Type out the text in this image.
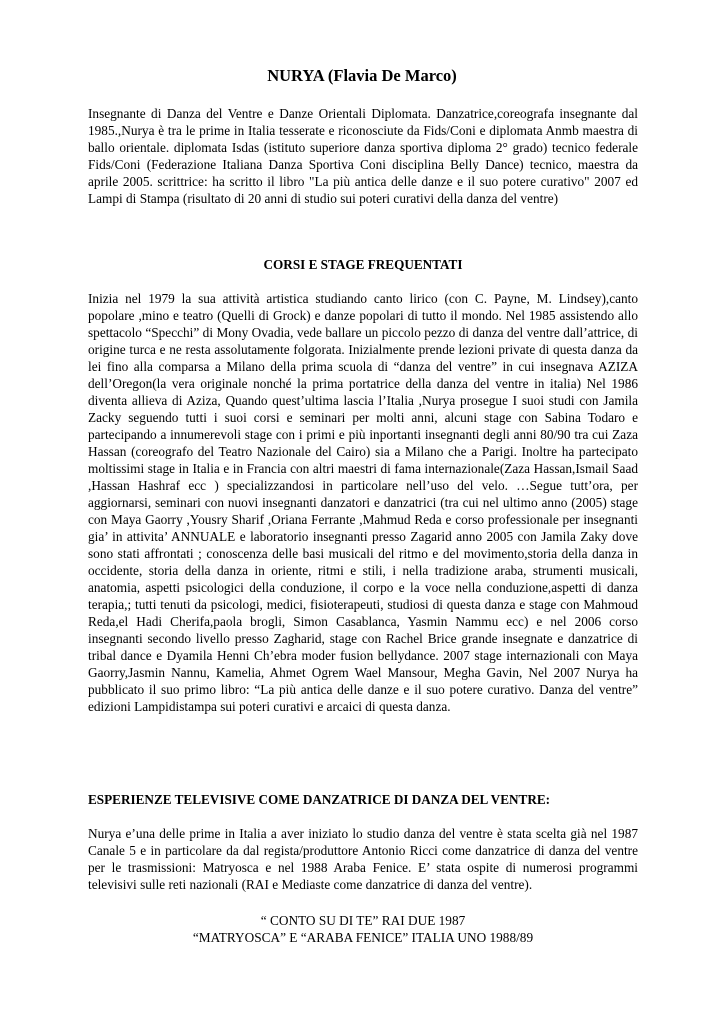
NURYA (Flavia De Marco)

Insegnante di Danza del Ventre e Danze Orientali Diplomata. Danzatrice,coreografa insegnante dal 1985.,Nurya è tra le prime in Italia tesserate e riconosciute da Fids/Coni e diplomata Anmb maestra di ballo orientale. diplomata Isdas (istituto superiore danza sportiva diploma 2° grado) tecnico federale Fids/Coni (Federazione Italiana Danza Sportiva Coni disciplina Belly Dance) tecnico, maestra da aprile 2005. scrittrice: ha scritto il libro "La più antica delle danze e il suo potere curativo" 2007 ed Lampi di Stampa (risultato di 20 anni di studio sui poteri curativi della danza del ventre)

CORSI E STAGE FREQUENTATI

Inizia nel 1979 la sua attività artistica studiando canto lirico (con C. Payne, M. Lindsey),canto popolare ,mino e teatro (Quelli di Grock) e danze popolari di tutto il mondo. Nel 1985 assistendo allo spettacolo “Specchi” di Mony Ovadia, vede ballare un piccolo pezzo di danza del ventre dall’attrice, di origine turca e ne resta assolutamente folgorata. Inizialmente prende lezioni private di questa danza da lei fino alla comparsa a Milano della prima scuola di “danza del ventre” in cui insegnava AZIZA dell’Oregon(la vera originale nonché la prima portatrice della danza del ventre in italia) Nel 1986 diventa allieva di Aziza, Quando quest’ultima lascia l’Italia ,Nurya prosegue I suoi studi con Jamila Zacky seguendo tutti i suoi corsi e seminari per molti anni, alcuni stage con Sabina Todaro e partecipando a innumerevoli stage con i primi e più inportanti insegnanti degli anni 80/90 tra cui Zaza Hassan (coreografo del Teatro Nazionale del Cairo) sia a Milano che a Parigi. Inoltre ha partecipato moltissimi stage in Italia e in Francia con altri maestri di fama internazionale(Zaza Hassan,Ismail Saad ,Hassan Hashraf ecc ) specializzandosi in particolare nell’uso del velo. …Segue tutt’ora, per aggiornarsi, seminari con nuovi insegnanti danzatori e danzatrici (tra cui nel ultimo anno (2005) stage con Maya Gaorry ,Yousry Sharif ,Oriana Ferrante ,Mahmud Reda e corso professionale per insegnanti gia’ in attivita’ ANNUALE e laboratorio insegnanti presso Zagarid anno 2005 con Jamila Zaky dove sono stati affrontati ; conoscenza delle basi musicali del ritmo e del movimento,storia della danza in occidente, storia della danza in oriente, ritmi e stili, i nella tradizione araba, strumenti musicali, anatomia, aspetti psicologici della conduzione, il corpo e la voce nella conduzione,aspetti di danza terapia,; tutti tenuti da psicologi, medici, fisioterapeuti, studiosi di questa danza e stage con Mahmoud Reda,el Hadi Cherifa,paola brogli, Simon Casablanca, Yasmin Nammu ecc) e nel 2006 corso insegnanti secondo livello presso Zagharid, stage con Rachel Brice grande insegnate e danzatrice di tribal dance e Dyamila Henni Ch’ebra moder fusion bellydance. 2007 stage internazionali con Maya Gaorry,Jasmin Nannu, Kamelia, Ahmet Ogrem Wael Mansour, Megha Gavin, Nel 2007 Nurya ha pubblicato il suo primo libro: “La più antica delle danze e il suo potere curativo. Danza del ventre” edizioni Lampidistampa sui poteri curativi e arcaici di questa danza.

ESPERIENZE TELEVISIVE COME DANZATRICE DI DANZA DEL VENTRE:

Nurya e’una delle prime in Italia a aver iniziato lo studio danza del ventre è stata scelta già nel 1987 Canale 5 e in particolare da dal regista/produttore Antonio Ricci come danzatrice di danza del ventre per le trasmissioni: Matryosca e nel 1988 Araba Fenice. E’ stata ospite di numerosi programmi televisivi sulle reti nazionali (RAI e Mediaste come danzatrice di danza del ventre).

“ CONTO SU DI TE” RAI DUE 1987
“MATRYOSCA” E “ARABA FENICE” ITALIA UNO 1988/89
